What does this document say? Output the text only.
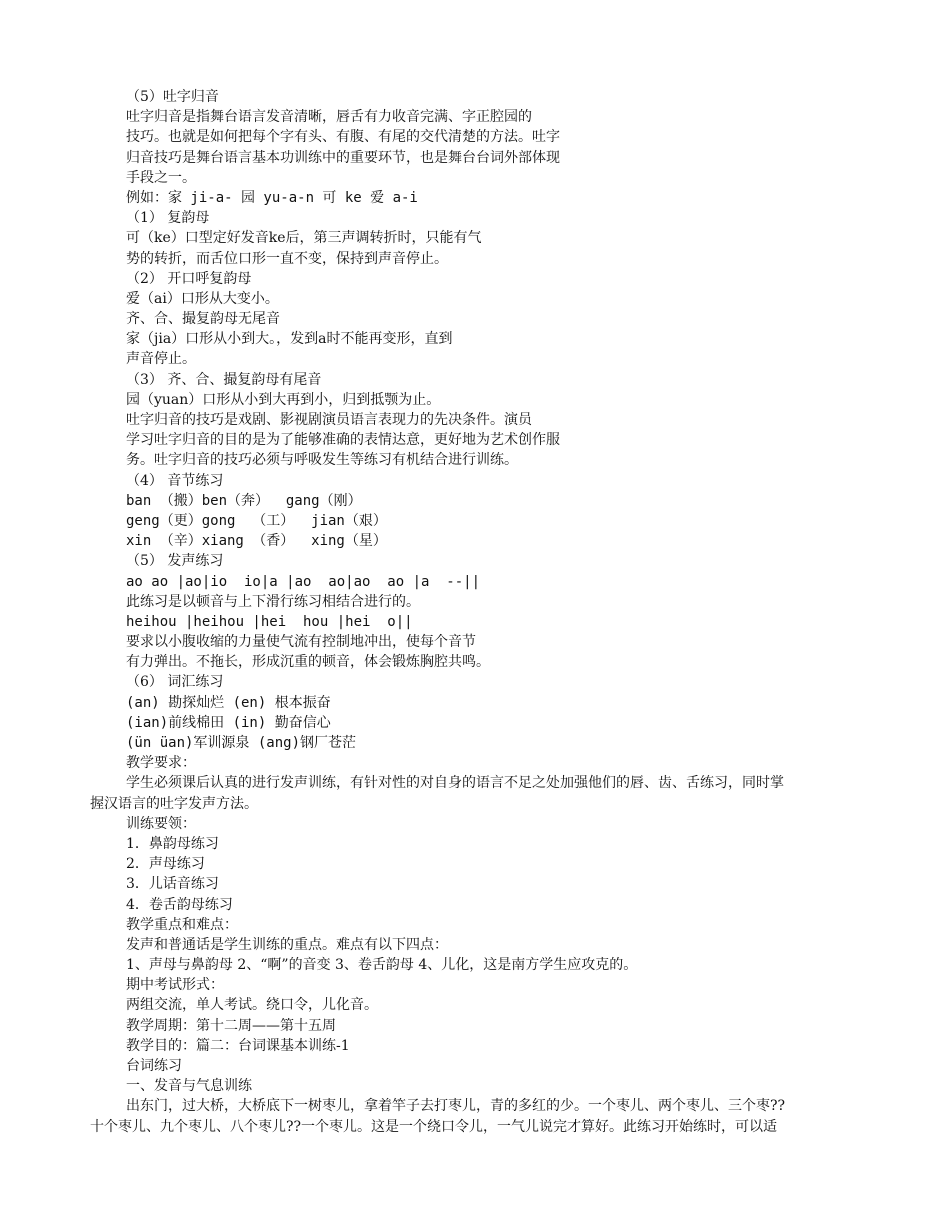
（5）吐字归音
吐字归音是指舞台语言发音清晰，唇舌有力收音完满、字正腔园的
技巧。也就是如何把每个字有头、有腹、有尾的交代清楚的方法。吐字
归音技巧是舞台语言基本功训练中的重要环节，也是舞台台词外部体现
手段之一。
例如：家 ji-a- 园 yu-a-n 可 ke 爱 a-i
（1） 复韵母
可（ke）口型定好发音ke后，第三声调转折时，只能有气
势的转折，而舌位口形一直不变，保持到声音停止。
（2） 开口呼复韵母
爱（ai）口形从大变小。
齐、合、撮复韵母无尾音
家（jia）口形从小到大。，发到a时不能再变形，直到
声音停止。
（3） 齐、合、撮复韵母有尾音
园（yuan）口形从小到大再到小，归到抵颚为止。
吐字归音的技巧是戏剧、影视剧演员语言表现力的先决条件。演员
学习吐字归音的目的是为了能够准确的表情达意，更好地为艺术创作服
务。吐字归音的技巧必须与呼吸发生等练习有机结合进行训练。
（4） 音节练习
ban （搬）ben（奔）  gang（刚）
geng（更）gong  （工）  jian（艰）
xin （辛）xiang （香）  xing（星）
（5） 发声练习
ao ao |ao|io  io|a |ao  ao|ao  ao |a  --||
此练习是以顿音与上下滑行练习相结合进行的。
heihou |heihou |hei  hou |hei  o||
要求以小腹收缩的力量使气流有控制地冲出，使每个音节
有力弹出。不拖长，形成沉重的顿音，体会锻炼胸腔共鸣。
（6） 词汇练习
(an) 勘探灿烂 (en) 根本振奋
(ian)前线棉田 (in) 勤奋信心
(ün üan)军训源泉 (ang)钢厂苍茫
教学要求：
学生必须课后认真的进行发声训练，有针对性的对自身的语言不足之处加强他们的唇、齿、舌练习，同时掌
握汉语言的吐字发声方法。
训练要领：
1．鼻韵母练习
2．声母练习
3．儿话音练习
4．卷舌韵母练习
教学重点和难点：
发声和普通话是学生训练的重点。难点有以下四点：
1、声母与鼻韵母 2、“啊”的音变 3、卷舌韵母 4、儿化，这是南方学生应攻克的。
期中考试形式：
两组交流，单人考试。绕口令，儿化音。
教学周期：第十二周——第十五周
教学目的：篇二：台词课基本训练-1
台词练习
一、发音与气息训练
出东门，过大桥，大桥底下一树枣儿，拿着竿子去打枣儿，青的多红的少。一个枣儿、两个枣儿、三个枣??
十个枣儿、九个枣儿、八个枣儿??一个枣儿。这是一个绕口令儿，一气儿说完才算好。此练习开始练时，可以适
